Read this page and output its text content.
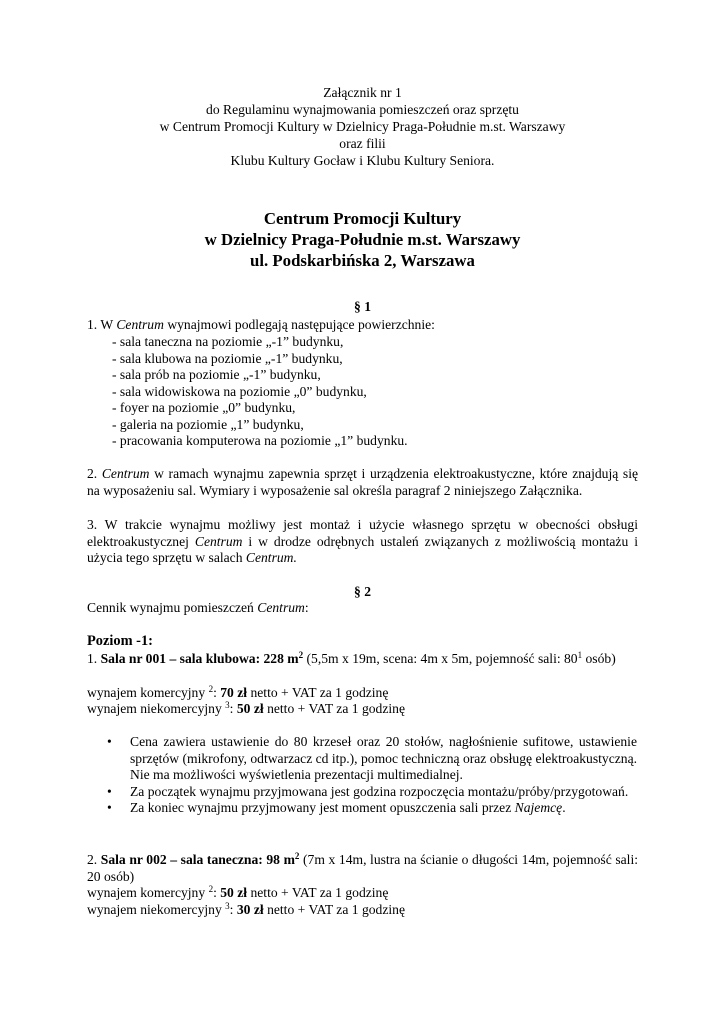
Załącznik nr 1
do Regulaminu wynajmowania pomieszczeń oraz sprzętu
w Centrum Promocji Kultury w Dzielnicy Praga-Południe m.st. Warszawy
oraz filii
Klubu Kultury Gocław i Klubu Kultury Seniora.
Centrum Promocji Kultury
w Dzielnicy Praga-Południe m.st. Warszawy
ul. Podskarbińska 2, Warszawa
§ 1
1. W Centrum wynajmowi podlegają następujące powierzchnie:
- sala taneczna na poziomie „-1” budynku,
- sala klubowa na poziomie „-1” budynku,
- sala prób na poziomie „-1” budynku,
- sala widowiskowa na poziomie „0” budynku,
- foyer na poziomie „0” budynku,
- galeria na poziomie „1” budynku,
- pracowania komputerowa na poziomie „1” budynku.
2. Centrum w ramach wynajmu zapewnia sprzęt i urządzenia elektroakustyczne, które znajdują się na wyposażeniu sal. Wymiary i wyposażenie sal określa paragraf 2 niniejszego Załącznika.
3. W trakcie wynajmu możliwy jest montaż i użycie własnego sprzętu w obecności obsługi elektroakustycznej Centrum i w drodze odrębnych ustaleń związanych z możliwością montażu i użycia tego sprzętu w salach Centrum.
§ 2
Cennik wynajmu pomieszczeń Centrum:
Poziom -1:
1. Sala nr 001 – sala klubowa: 228 $m^2$ (5,5m x 19m, scena: 4m x 5m, pojemność sali: $80^1$ osób)
wynajem komercyjny $^2$: 70 zł netto + VAT za 1 godzinę
wynajem niekomercyjny $^3$: 50 zł netto + VAT za 1 godzinę
• Cena zawiera ustawienie do 80 krzeseł oraz 20 stołów, nagłośnienie sufitowe, ustawienie sprzętów (mikrofony, odtwarzacz cd itp.), pomoc techniczną oraz obsługę elektroakustyczną. Nie ma możliwości wyświetlenia prezentacji multimedialnej.
• Za początek wynajmu przyjmowana jest godzina rozpoczęcia montażu/próby/przygotowań.
• Za koniec wynajmu przyjmowany jest moment opuszczenia sali przez Najemcę.
2. Sala nr 002 – sala taneczna: 98 $m^2$ (7m x 14m, lustra na ścianie o długości 14m, pojemność sali: 20 osób)
wynajem komercyjny $^2$: 50 zł netto + VAT za 1 godzinę
wynajem niekomercyjny $^3$: 30 zł netto + VAT za 1 godzinę
